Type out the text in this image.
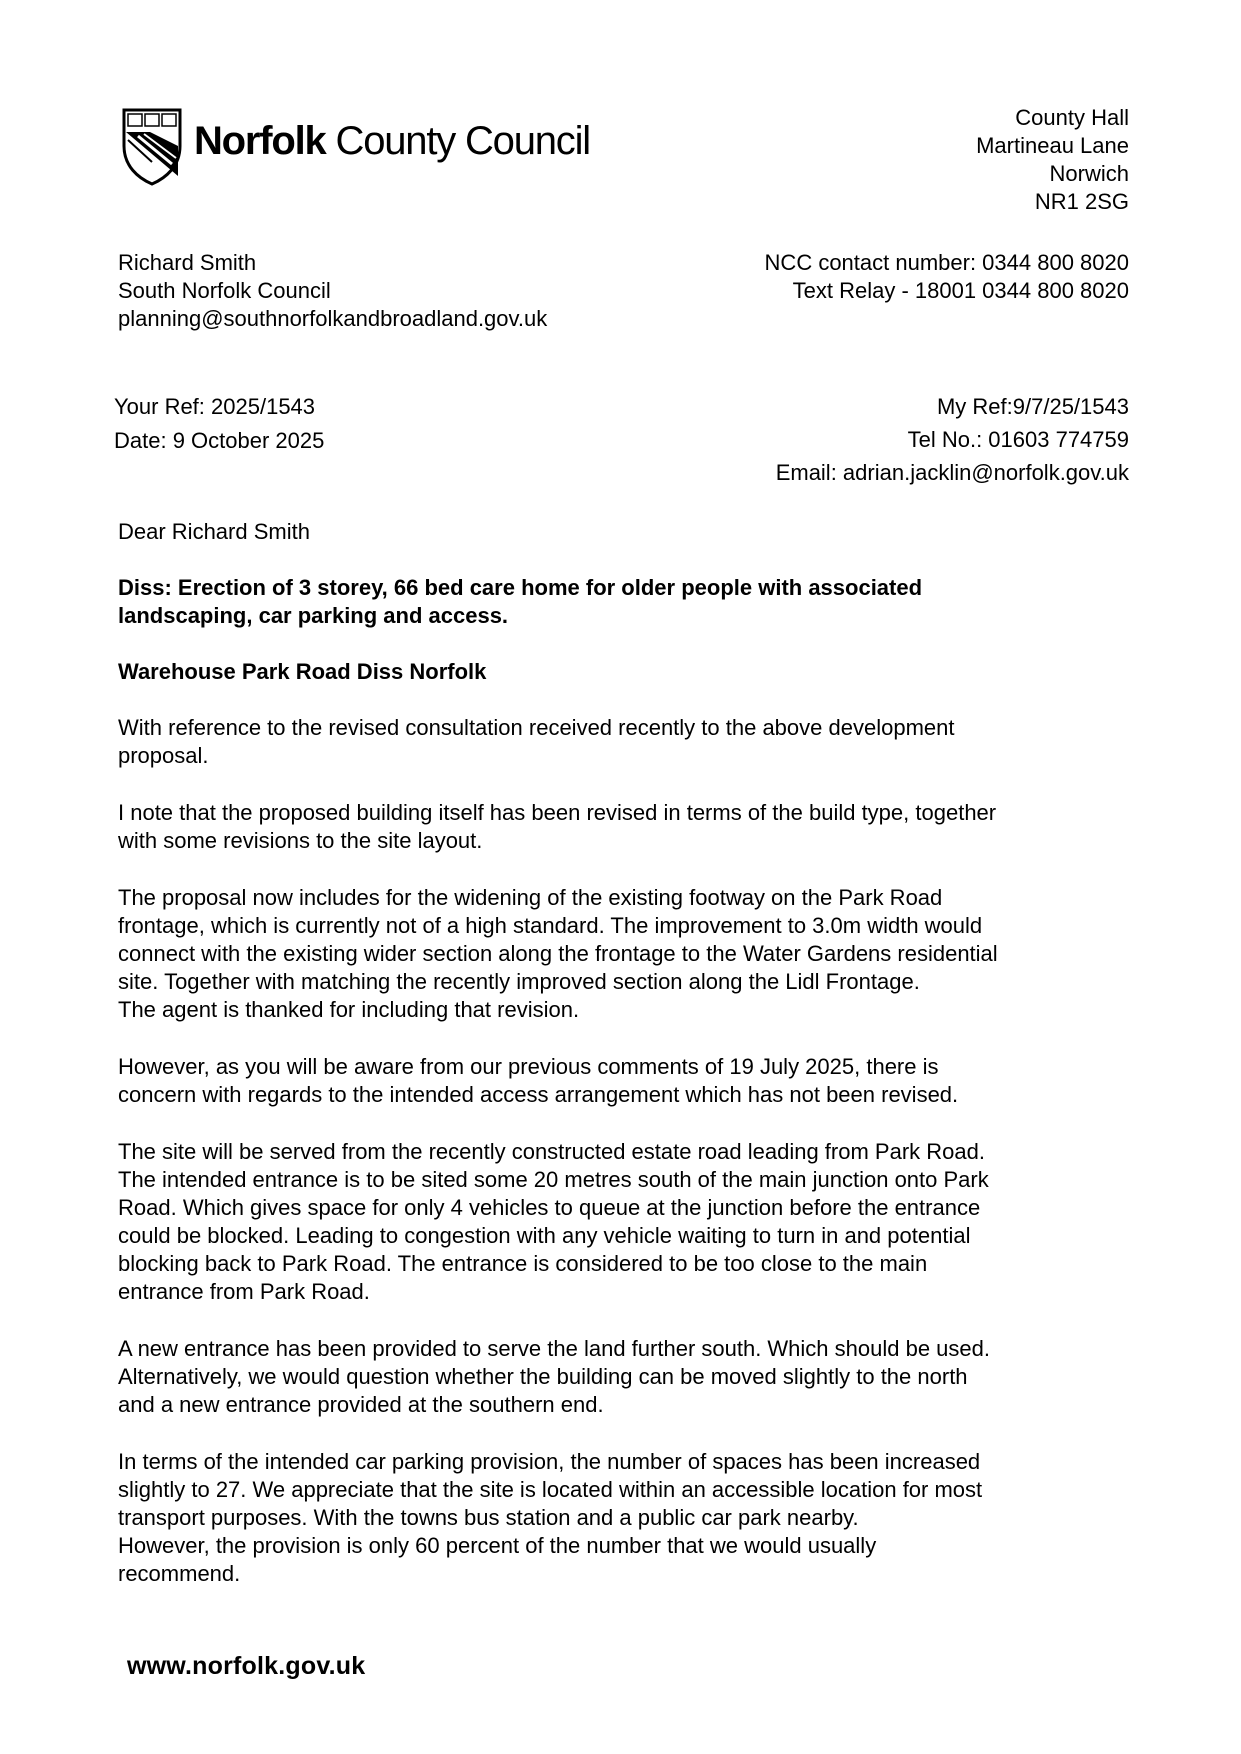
Norfolk County Council
County Hall
Martineau Lane
Norwich
NR1 2SG
Richard Smith
South Norfolk Council
planning@southnorfolkandbroadland.gov.uk
NCC contact number: 0344 800 8020
Text Relay - 18001 0344 800 8020
Your Ref: 2025/1543
Date: 9 October 2025
My Ref:9/7/25/1543
Tel No.: 01603 774759
Email: adrian.jacklin@norfolk.gov.uk

Dear Richard Smith

Diss: Erection of 3 storey, 66 bed care home for older people with associated
landscaping, car parking and access.

Warehouse Park Road Diss Norfolk

With reference to the revised consultation received recently to the above development
proposal.

I note that the proposed building itself has been revised in terms of the build type, together
with some revisions to the site layout.

The proposal now includes for the widening of the existing footway on the Park Road
frontage, which is currently not of a high standard. The improvement to 3.0m width would
connect with the existing wider section along the frontage to the Water Gardens residential
site. Together with matching the recently improved section along the Lidl Frontage.
The agent is thanked for including that revision.

However, as you will be aware from our previous comments of 19 July 2025, there is
concern with regards to the intended access arrangement which has not been revised.

The site will be served from the recently constructed estate road leading from Park Road.
The intended entrance is to be sited some 20 metres south of the main junction onto Park
Road. Which gives space for only 4 vehicles to queue at the junction before the entrance
could be blocked. Leading to congestion with any vehicle waiting to turn in and potential
blocking back to Park Road. The entrance is considered to be too close to the main
entrance from Park Road.

A new entrance has been provided to serve the land further south. Which should be used.
Alternatively, we would question whether the building can be moved slightly to the north
and a new entrance provided at the southern end.

In terms of the intended car parking provision, the number of spaces has been increased
slightly to 27. We appreciate that the site is located within an accessible location for most
transport purposes. With the towns bus station and a public car park nearby.
However, the provision is only 60 percent of the number that we would usually
recommend.

www.norfolk.gov.uk
